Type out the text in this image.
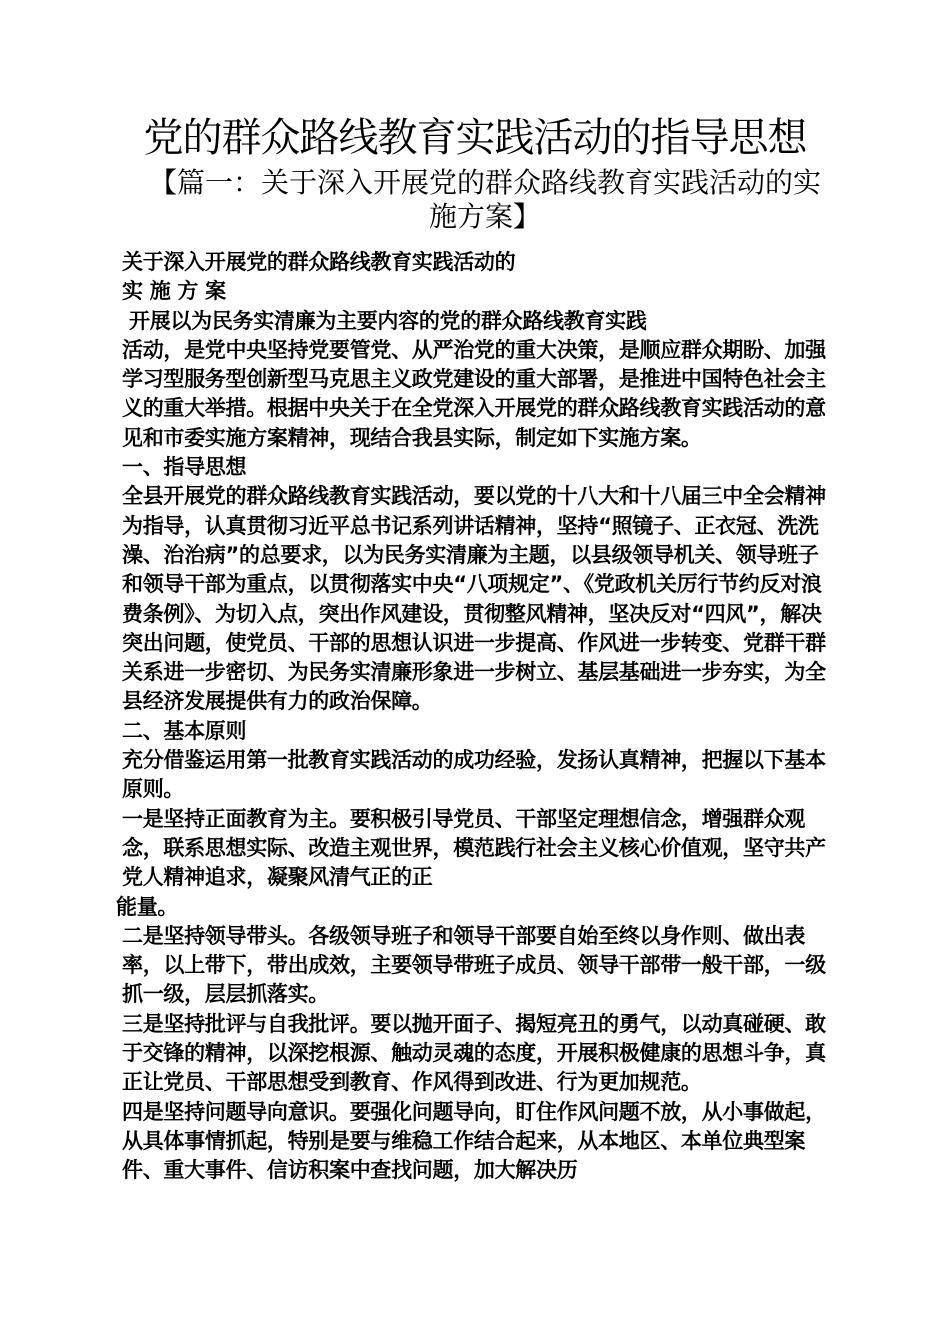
党的群众路线教育实践活动的指导思想
【篇一：关于深入开展党的群众路线教育实践活动的实施方案】

关于深入开展党的群众路线教育实践活动的

实 施 方 案

开展以为民务实清廉为主要内容的党的群众路线教育实践

活动，是党中央坚持党要管党、从严治党的重大决策，是顺应群众期盼、加强学习型服务型创新型马克思主义政党建设的重大部署，是推进中国特色社会主义的重大举措。根据中央关于在全党深入开展党的群众路线教育实践活动的意见和市委实施方案精神，现结合我县实际，制定如下实施方案。

一、指导思想

全县开展党的群众路线教育实践活动，要以党的十八大和十八届三中全会精神为指导，认真贯彻习近平总书记系列讲话精神，坚持“照镜子、正衣冠、洗洗澡、治治病”的总要求，以为民务实清廉为主题，以县级领导机关、领导班子和领导干部为重点，以贯彻落实中央“八项规定”、《党政机关厉行节约反对浪费条例》、为切入点，突出作风建设，贯彻整风精神，坚决反对“四风”，解决突出问题，使党员、干部的思想认识进一步提高、作风进一步转变、党群干群关系进一步密切、为民务实清廉形象进一步树立、基层基础进一步夯实，为全县经济发展提供有力的政治保障。

二、基本原则

充分借鉴运用第一批教育实践活动的成功经验，发扬认真精神，把握以下基本原则。

一是坚持正面教育为主。要积极引导党员、干部坚定理想信念，增强群众观念，联系思想实际、改造主观世界，模范践行社会主义核心价值观，坚守共产党人精神追求，凝聚风清气正的正

能量。

二是坚持领导带头。各级领导班子和领导干部要自始至终以身作则、做出表率，以上带下，带出成效，主要领导带班子成员、领导干部带一般干部，一级抓一级，层层抓落实。

三是坚持批评与自我批评。要以抛开面子、揭短亮丑的勇气，以动真碰硬、敢于交锋的精神，以深挖根源、触动灵魂的态度，开展积极健康的思想斗争，真正让党员、干部思想受到教育、作风得到改进、行为更加规范。

四是坚持问题导向意识。要强化问题导向，盯住作风问题不放，从小事做起，从具体事情抓起，特别是要与维稳工作结合起来，从本地区、本单位典型案件、重大事件、信访积案中查找问题，加大解决历
